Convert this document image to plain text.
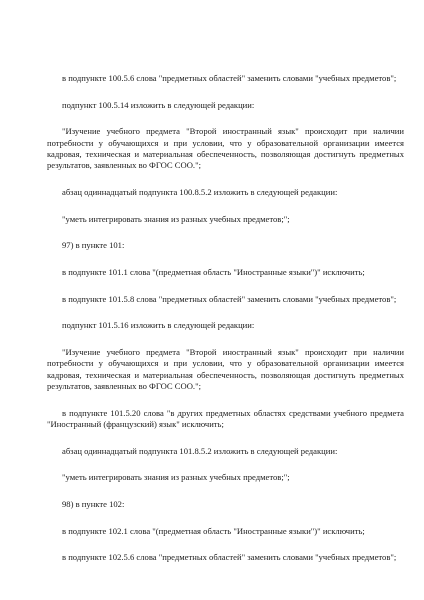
в подпункте 100.5.6 слова "предметных областей" заменить словами "учебных предметов";

подпункт 100.5.14 изложить в следующей редакции:

"Изучение учебного предмета "Второй иностранный язык" происходит при наличии потребности у обучающихся и при условии, что у образовательной организации имеется кадровая, техническая и материальная обеспеченность, позволяющая достигнуть предметных результатов, заявленных во ФГОС СОО.";

абзац одиннадцатый подпункта 100.8.5.2 изложить в следующей редакции:

"уметь интегрировать знания из разных учебных предметов;";

97) в пункте 101:

в подпункте 101.1 слова "(предметная область "Иностранные языки")" исключить;

в подпункте 101.5.8 слова "предметных областей" заменить словами "учебных предметов";

подпункт 101.5.16 изложить в следующей редакции:

"Изучение учебного предмета "Второй иностранный язык" происходит при наличии потребности у обучающихся и при условии, что у образовательной организации имеется кадровая, техническая и материальная обеспеченность, позволяющая достигнуть предметных результатов, заявленных во ФГОС СОО.";

в подпункте 101.5.20 слова "в других предметных областях средствами учебного предмета "Иностранный (французский) язык" исключить;

абзац одиннадцатый подпункта 101.8.5.2 изложить в следующей редакции:

"уметь интегрировать знания из разных учебных предметов;";

98) в пункте 102:

в подпункте 102.1 слова "(предметная область "Иностранные языки")" исключить;

в подпункте 102.5.6 слова "предметных областей" заменить словами "учебных предметов";
